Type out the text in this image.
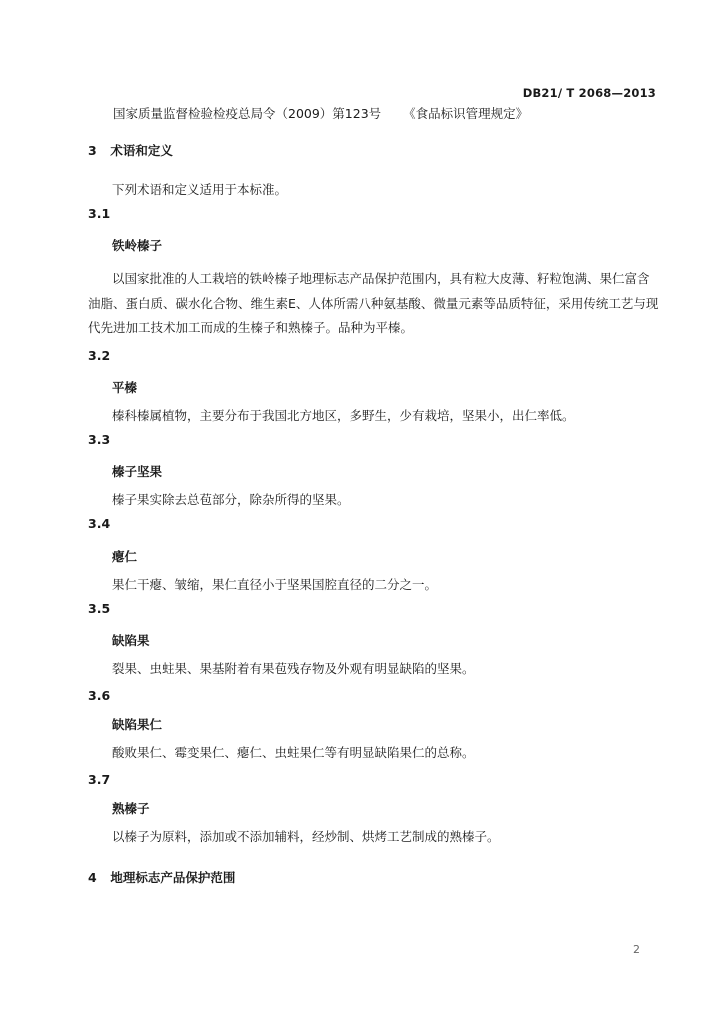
DB21/ T 2068—2013
国家质量监督检验检疫总局令（2009）第123号 《食品标识管理规定》
3 术语和定义
下列术语和定义适用于本标准。
3.1
铁岭榛子
以国家批准的人工栽培的铁岭榛子地理标志产品保护范围内，具有粒大皮薄、籽粒饱满、果仁富含
油脂、蛋白质、碳水化合物、维生素E、人体所需八种氨基酸、微量元素等品质特征，采用传统工艺与现
代先进加工技术加工而成的生榛子和熟榛子。品种为平榛。
3.2
平榛
榛科榛属植物，主要分布于我国北方地区，多野生，少有栽培，坚果小，出仁率低。
3.3
榛子坚果
榛子果实除去总苞部分，除杂所得的坚果。
3.4
瘪仁
果仁干瘪、皱缩，果仁直径小于坚果国腔直径的二分之一。
3.5
缺陷果
裂果、虫蛀果、果基附着有果苞残存物及外观有明显缺陷的坚果。
3.6
缺陷果仁
酸败果仁、霉变果仁、瘪仁、虫蛀果仁等有明显缺陷果仁的总称。
3.7
熟榛子
以榛子为原料，添加或不添加辅料，经炒制、烘烤工艺制成的熟榛子。
4 地理标志产品保护范围
2
